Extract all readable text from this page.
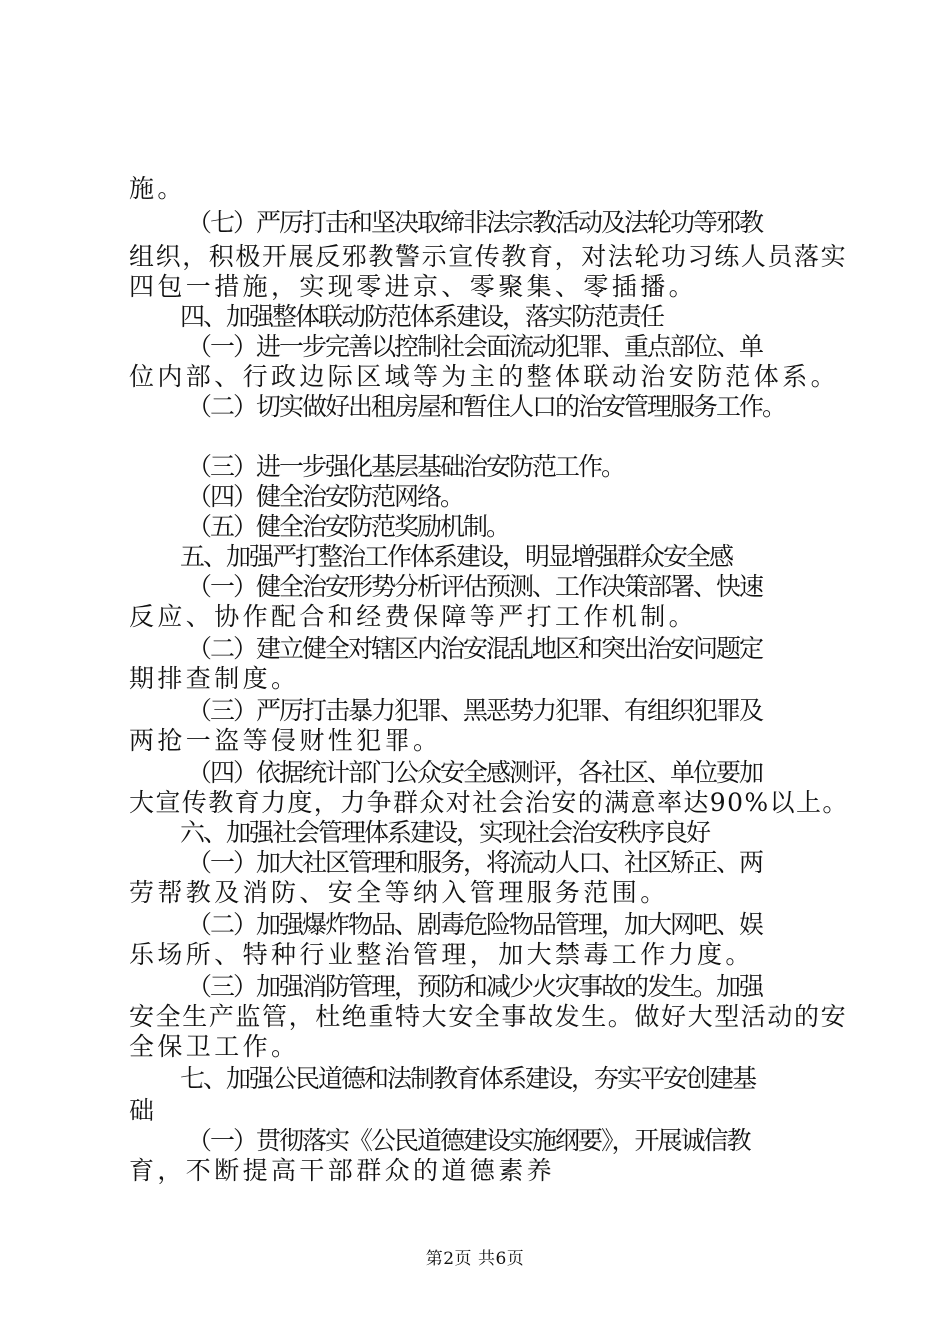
施。
（七）严厉打击和坚决取缔非法宗教活动及法轮功等邪教
组织，积极开展反邪教警示宣传教育，对法轮功习练人员落实
四包一措施，实现零进京、零聚集、零插播。
四、加强整体联动防范体系建设，落实防范责任
（一）进一步完善以控制社会面流动犯罪、重点部位、单
位内部、行政边际区域等为主的整体联动治安防范体系。
（二）切实做好出租房屋和暂住人口的治安管理服务工作。
（三）进一步强化基层基础治安防范工作。
（四）健全治安防范网络。
（五）健全治安防范奖励机制。
五、加强严打整治工作体系建设，明显增强群众安全感
（一）健全治安形势分析评估预测、工作决策部署、快速
反应、协作配合和经费保障等严打工作机制。
（二）建立健全对辖区内治安混乱地区和突出治安问题定
期排查制度。
（三）严厉打击暴力犯罪、黑恶势力犯罪、有组织犯罪及
两抢一盗等侵财性犯罪。
（四）依据统计部门公众安全感测评，各社区、单位要加
大宣传教育力度，力争群众对社会治安的满意率达90%以上。
六、加强社会管理体系建设，实现社会治安秩序良好
（一）加大社区管理和服务，将流动人口、社区矫正、两
劳帮教及消防、安全等纳入管理服务范围。
（二）加强爆炸物品、剧毒危险物品管理，加大网吧、娱
乐场所、特种行业整治管理，加大禁毒工作力度。
（三）加强消防管理，预防和减少火灾事故的发生。加强
安全生产监管，杜绝重特大安全事故发生。做好大型活动的安
全保卫工作。
七、加强公民道德和法制教育体系建设，夯实平安创建基
础
（一）贯彻落实《公民道德建设实施纲要》，开展诚信教
育，不断提高干部群众的道德素养
第2页 共6页
